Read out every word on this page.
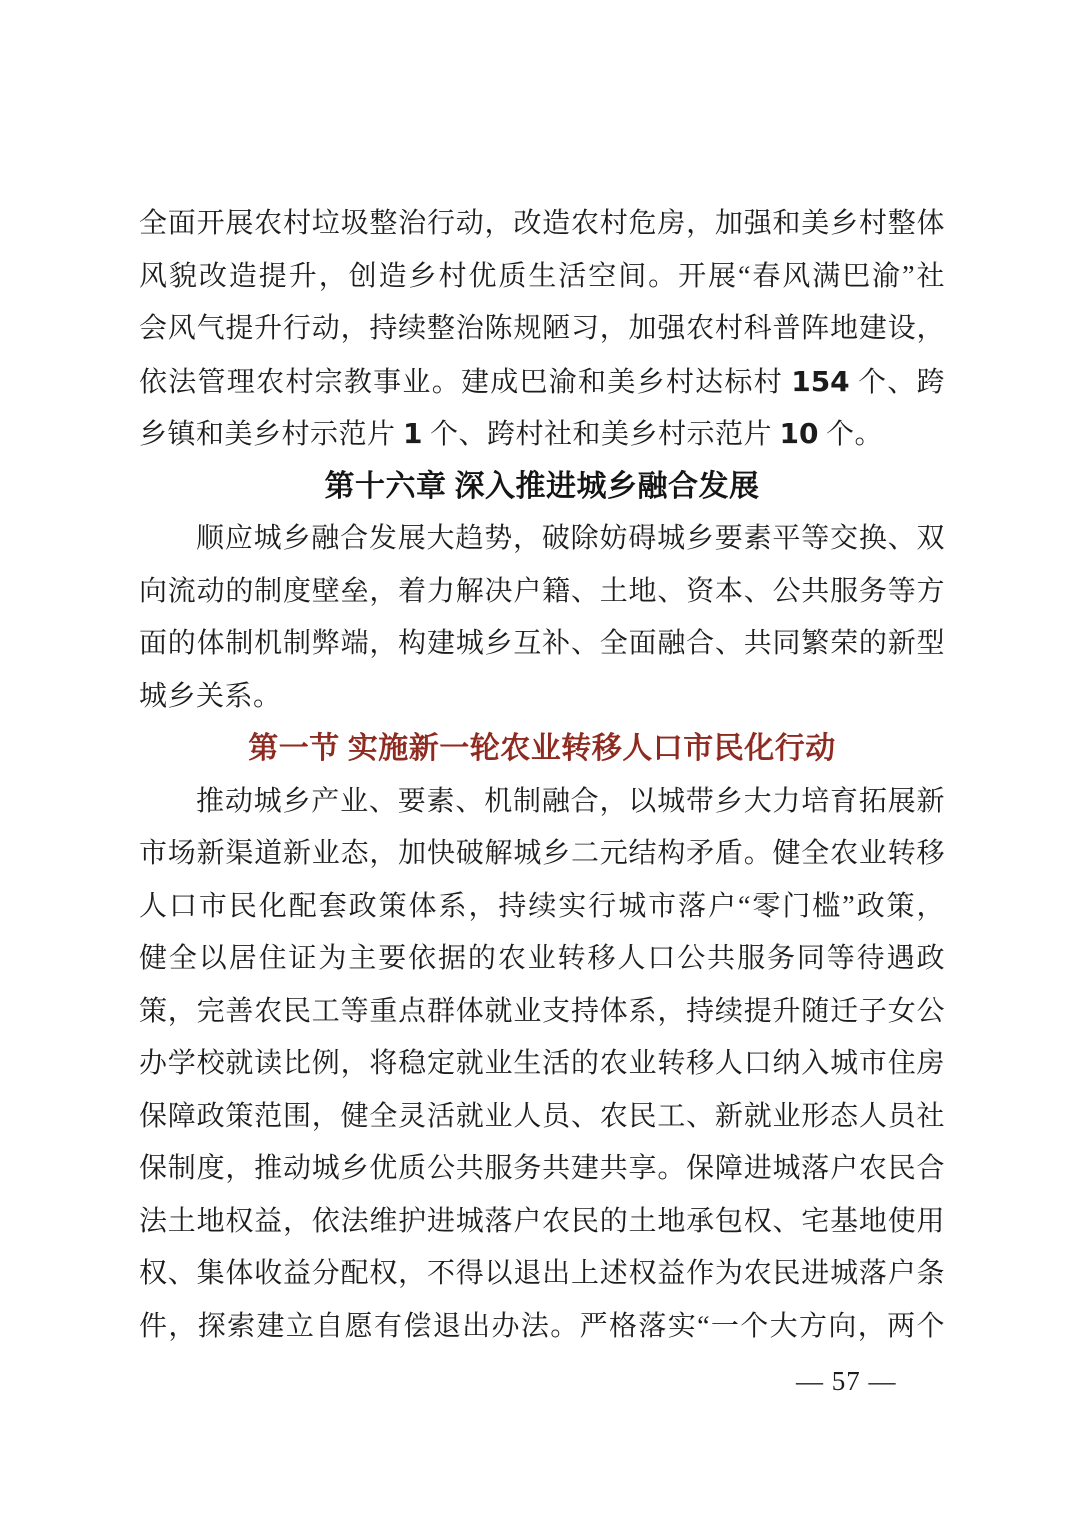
全面开展农村垃圾整治行动，改造农村危房，加强和美乡村整体
风貌改造提升，创造乡村优质生活空间。开展“春风满巴渝”社
会风气提升行动，持续整治陈规陋习，加强农村科普阵地建设，
依法管理农村宗教事业。建成巴渝和美乡村达标村 154 个、跨
乡镇和美乡村示范片 1 个、跨村社和美乡村示范片 10 个。
第十六章 深入推进城乡融合发展
顺应城乡融合发展大趋势，破除妨碍城乡要素平等交换、双
向流动的制度壁垒，着力解决户籍、土地、资本、公共服务等方
面的体制机制弊端，构建城乡互补、全面融合、共同繁荣的新型
城乡关系。
第一节 实施新一轮农业转移人口市民化行动
推动城乡产业、要素、机制融合，以城带乡大力培育拓展新
市场新渠道新业态，加快破解城乡二元结构矛盾。健全农业转移
人口市民化配套政策体系，持续实行城市落户“零门槛”政策，
健全以居住证为主要依据的农业转移人口公共服务同等待遇政
策，完善农民工等重点群体就业支持体系，持续提升随迁子女公
办学校就读比例，将稳定就业生活的农业转移人口纳入城市住房
保障政策范围，健全灵活就业人员、农民工、新就业形态人员社
保制度，推动城乡优质公共服务共建共享。保障进城落户农民合
法土地权益，依法维护进城落户农民的土地承包权、宅基地使用
权、集体收益分配权，不得以退出上述权益作为农民进城落户条
件，探索建立自愿有偿退出办法。严格落实“一个大方向，两个
— 57 —
